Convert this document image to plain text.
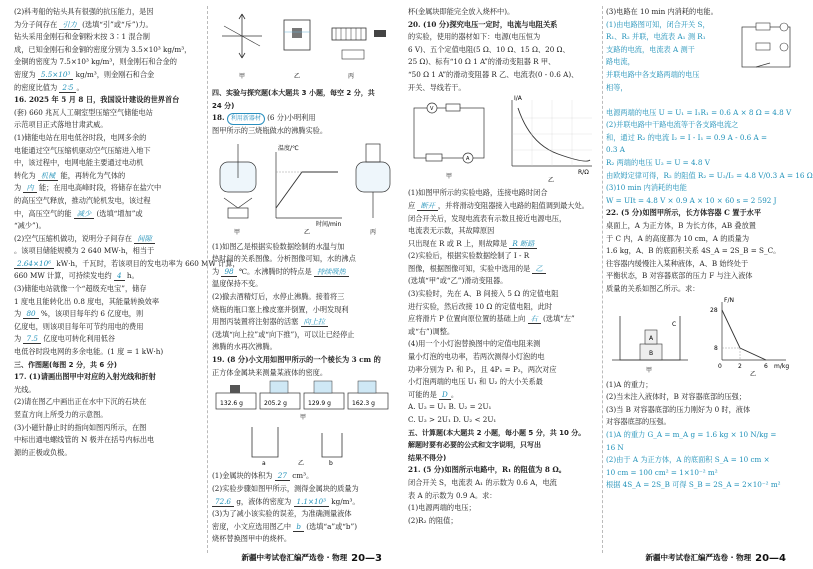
(2)科考船的钻头具有很强的抗压能力，是因
为分子间存在 引力 (选填“引”或“斥”)力。
钻头采用金刚石和金铜粉末按 3∶1 混合制
成，已知金刚石和金铜的密度分别为 3.5×10³ kg/m³，
金铜的密度为 7.5×10³ kg/m³，则金刚石和合金的
密度为 5.5×10³ kg/m³，则金刚石和合金
的密度比值为 2∶5 。
16. 2025 年 5 月 8 日，我国设计建设的世界首台
(套) 660 兆瓦人工硐室型压缩空气储能电站
示范项目正式落地甘肃武威。
(1)储能电站在用电低谷时段，电网多余的
电能通过空气压缩机驱动空气压缩进入地下
中，该过程中，电网电能主要通过电动机
转化为 机械 能，再转化为气体的
为 内 能；在用电高峰时段，将储存在盐穴中
的高压空气释放，推动汽轮机发电，该过程
中，高压空气的能 减少 (选填“增加”或
“减少”)。
(2)空气压缩机做功，说明分子间存在 间隙
。该项目储能规模为 2 640 MW·h，相当于
2.64×10⁶ kW·h，千瓦时，若该项目的发电功率为 660 MW 计算，
660 MW 计算，可持续发电约 4 h。
(3)储能电站就像一个“超级充电宝”，储存
1 度电且能转化出 0.8 度电，其能量转换效率
为 80 %，该项目每年约 6 亿度电，则
亿度电，则该项目每年可节约用电的费用
为 7.5 亿度电可转化利用低谷
电低谷时段电网的多余电能。(1 度 = 1 kW·h)
三、作图题(每图 2 分，共 6 分)
17. (1)请画出图甲中对应的入射光线和折射
光线。
(2)请在图乙中画出正在水中下沉的石块在
竖直方向上所受力的示意图。
(3)小磁针静止时的指向如图丙所示，在图
中标出通电螺线管的 N 极并在括号内标出电
源的正极或负极。
甲	乙	丙
四、实验与探究题(本大题共 3 小题，每空 2 分，共
24 分)
18. 利用新器材 (6 分)小明利用
图甲所示的三烧瓶做水的沸腾实验。
甲
温度/℃
时间/min
乙	丙
(1)如图乙是根据实验数据绘制的水温与加
热时间的关系图像。分析图像可知，水的沸点
为 98 ℃。水沸腾时的特点是 持续吸热
温度保持不变。
(2)撤去酒精灯后，水停止沸腾。接着将三
烧瓶的瓶口塞上橡皮塞并倒置，小明发现利
用图丙装置将注射器的活塞 向上拉
(选填“向上拉”或“向下推”)，可以让已经停止
沸腾的水再次沸腾。
19. (8 分)小文用如图甲所示的一个棱长为 3 cm 的
正方体金属块来测量某液体的密度。
132.6 g	205.2 g	129.9 g	162.3 g
甲
a	b
乙
(1)金属块的体积为 27 cm³。
(2)实验步骤如图甲所示，测得金属块的质量为
72.6 g，液体的密度为 1.1×10³ kg/m³。
(3)为了减小该实验的误差，为准确测量液体
密度，小文应选用图乙中 b (选填“a”或“b”)
烧杯替换图甲中的烧杯。
新疆中考试卷汇编严选卷 · 物理 20—3
杯(金属块即能完全放入烧杯中)。
20. (10 分)探究电压一定时，电流与电阻关系
的实验，使用的器材如下：电源(电压恒为
6 V)、五个定值电阻(5 Ω、10 Ω、15 Ω、20 Ω、
25 Ω)、标有“10 Ω 1 A”的滑动变阻器 R 甲、
“50 Ω 1 A”的滑动变阻器 R 乙、电流表(0 - 0.6 A)、
开关、导线若干。
V
A
甲
I/A
R/Ω
乙
(1)如图甲所示的实验电路，连接电路时闭合
应 断开 ，并将滑动变阻器接入电路的阻值调到最大处。
闭合开关后，发现电流表有示数且接近电源电压，
电流表无示数，其故障原因
只出现在 R 或 R 上，则故障是 R 断路
(2)实验后，根据实验数据绘制了 I - R
图像，根据图像可知，实验中选用的是 乙
(选填“甲”或“乙”)滑动变阻器。
(3)实验时，先在 A、B 间接入 5 Ω 的定值电阻
进行实验，然后改接 10 Ω 的定值电阻，此时
应将滑片 P 位置向原位置的基础上向 右 (选填“左”
或“右”)调整。
(4)用一个小灯泡替换图中的定值电阻来测
量小灯泡的电功率，若两次测得小灯泡的电
功率分别为 P₁ 和 P₂，且 4P₁ = P₂，两次对应
小灯泡两端的电压 U₁ 和 U₂ 的大小关系最
可能的是 D 。
A. U₂ = U₁ B. U₂ = 2U₁
C. U₂ > 2U₁ D. U₂ < 2U₁
五、计算题(本大题共 2 小题，每小题 5 分，共 10 分。
解题时要有必要的公式和文字说明，只写出
结果不得分)
21. (5 分)如图所示电路中，R₁ 的阻值为 8 Ω。
闭合开关 S，电流表 A₁ 的示数为 0.6 A，电流
表 A 的示数为 0.9 A。求：
(1)电源两端的电压；
(2)R₂ 的阻值；
(3)电路在 10 min 内消耗的电能。
(1)由电路图可知，闭合开关 S，
R₁、R₂ 并联，电流表 A₁ 测 R₁
支路的电流，电流表 A 测干
路电流，
并联电路中各支路两端的电压
相等，
电源两端的电压 U = U₁ = I₁R₁ = 0.6 A × 8 Ω = 4.8 V
(2)并联电路中干路电流等于各支路电流之
和，通过 R₂ 的电流 I₂ = I - I₁ = 0.9 A - 0.6 A =
0.3 A
R₂ 两端的电压 U₂ = U = 4.8 V
由欧姆定律可得，R₂ 的阻值 R₂ = U₂/I₂ = 4.8 V/0.3 A = 16 Ω
(3)10 min 内消耗的电能
W = UIt = 4.8 V × 0.9 A × 10 × 60 s = 2 592 J
22. (5 分)如图甲所示，长方体容器 C 置于水平
桌面上，A 为正方体，B 为长方体，AB 叠放置
于 C 内，A 的高度都为 10 cm，A 的质量为
1.6 kg，A、B 的底面积关系 4S_A = 2S_B = S_C。
往容器内缓慢注入某种液体，A、B 始终处于
平衡状态，B 对容器底部的压力 F 与注入液体
质量的关系如图乙所示。求：
A
B
C
甲
F/N
m/kg
28
8
0	2	6
乙
(1)A 的重力；
(2)当未注入液体时，B 对容器底部的压强；
(3)当 B 对容器底部的压力刚好为 0 时，液体
对容器底部的压强。
(1)A 的重力 G_A = m_A g = 1.6 kg × 10 N/kg =
16 N
(2)由于 A 为正方体，A 的底面积 S_A = 10 cm ×
10 cm = 100 cm² = 1×10⁻² m²
根据 4S_A = 2S_B 可得 S_B = 2S_A = 2×10⁻² m²
新疆中考试卷汇编严选卷 · 物理 20—4
